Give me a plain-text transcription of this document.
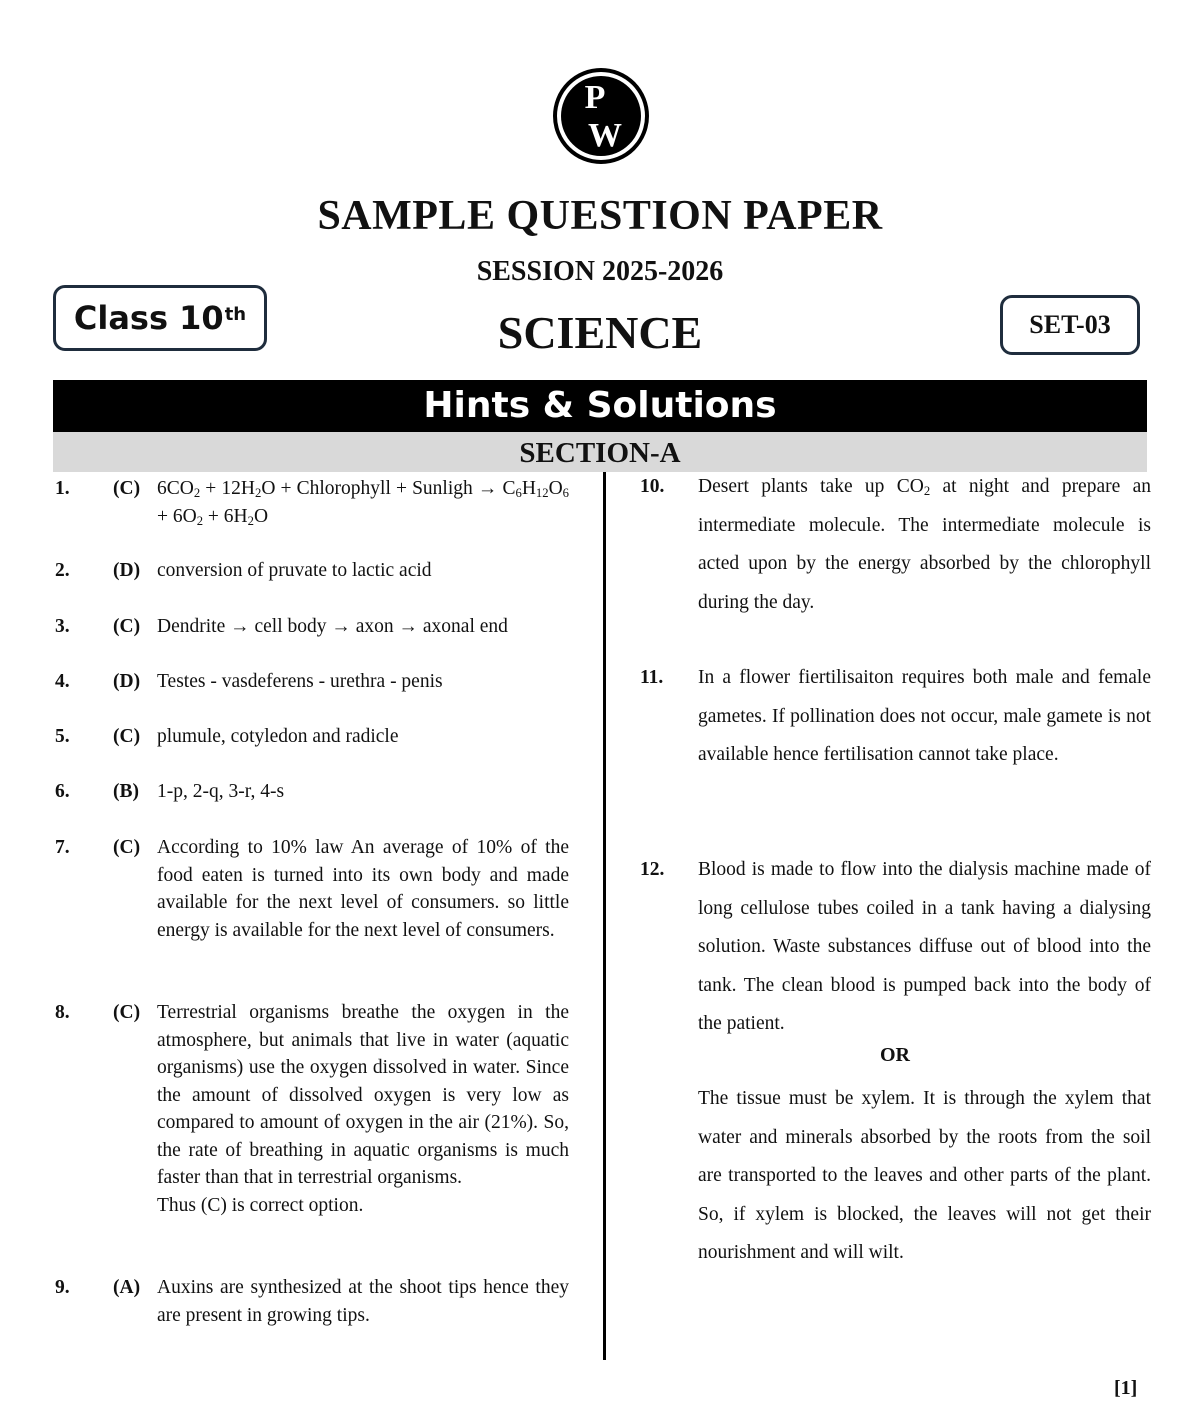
P
W
SAMPLE QUESTION PAPER
SESSION 2025-2026
SCIENCE
Class 10th	SET-03
Hints & Solutions
SECTION-A
1. (C) $6CO_2 + 12H_2O$ + Chlorophyll + Sunligh → $C_6H_{12}O_6 + 6O_2 + 6H_2O$
2. (D) conversion of pruvate to lactic acid
3. (C) Dendrite → cell body → axon → axonal end
4. (D) Testes - vasdeferens - urethra - penis
5. (C) plumule, cotyledon and radicle
6. (B) 1-p, 2-q, 3-r, 4-s
7. (C) According to 10% law An average of 10% of the food eaten is turned into its own body and made available for the next level of consumers. so little energy is available for the next level of consumers.
8. (C) Terrestrial organisms breathe the oxygen in the atmosphere, but animals that live in water (aquatic organisms) use the oxygen dissolved in water. Since the amount of dissolved oxygen is very low as compared to amount of oxygen in the air (21%). So, the rate of breathing in aquatic organisms is much faster than that in terrestrial organisms.
Thus (C) is correct option.
9. (A) Auxins are synthesized at the shoot tips hence they are present in growing tips.
10. Desert plants take up $CO_2$ at night and prepare an intermediate molecule. The intermediate molecule is acted upon by the energy absorbed by the chlorophyll during the day.
11. In a flower fiertilisaiton requires both male and female gametes. If pollination does not occur, male gamete is not available hence fertilisation cannot take place.
12. Blood is made to flow into the dialysis machine made of long cellulose tubes coiled in a tank having a dialysing solution. Waste substances diffuse out of blood into the tank. The clean blood is pumped back into the body of the patient.
OR
The tissue must be xylem. It is through the xylem that water and minerals absorbed by the roots from the soil are transported to the leaves and other parts of the plant. So, if xylem is blocked, the leaves will not get their nourishment and will wilt.
[1]
